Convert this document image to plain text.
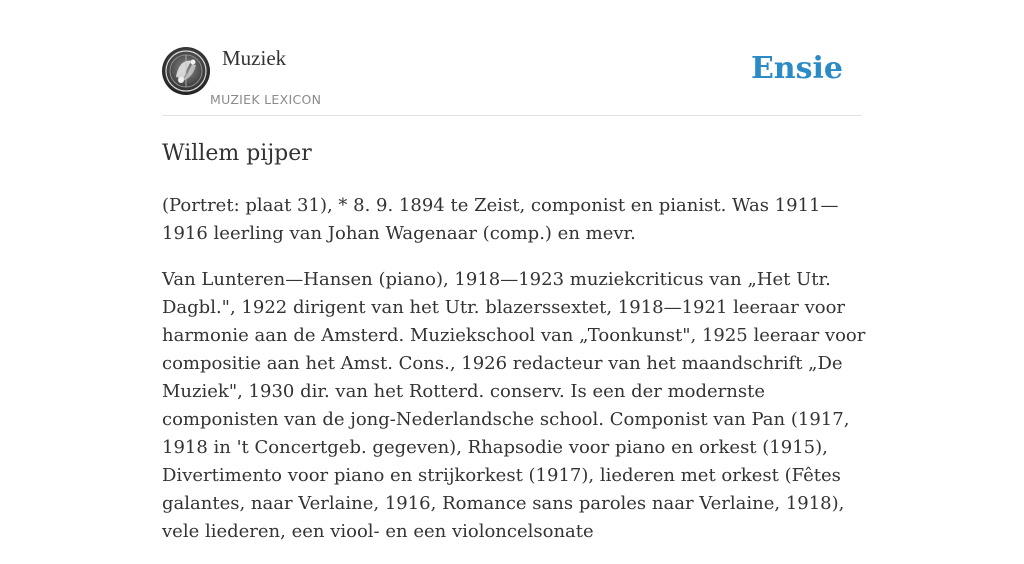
Muziek
MUZIEK LEXICON
Ensie
Willem pijper

(Portret: plaat 31), * 8. 9. 1894 te Zeist, componist en pianist. Was 1911—1916 leerling van Johan Wagenaar (comp.) en mevr.

Van Lunteren—Hansen (piano), 1918—1923 muziekcriticus van „Het Utr. Dagbl.", 1922 dirigent van het Utr. blazerssextet, 1918—1921 leeraar voor harmonie aan de Amsterd. Muziekschool van „Toonkunst", 1925 leeraar voor compositie aan het Amst. Cons., 1926 redacteur van het maandschrift „De Muziek", 1930 dir. van het Rotterd. conserv. Is een der modernste componisten van de jong-Nederlandsche school. Componist van Pan (1917, 1918 in 't Concertgeb. gegeven), Rhapsodie voor piano en orkest (1915), Divertimento voor piano en strijkorkest (1917), liederen met orkest (Fêtes galantes, naar Verlaine, 1916, Romance sans paroles naar Verlaine, 1918), vele liederen, een viool- en een violoncelsonate
